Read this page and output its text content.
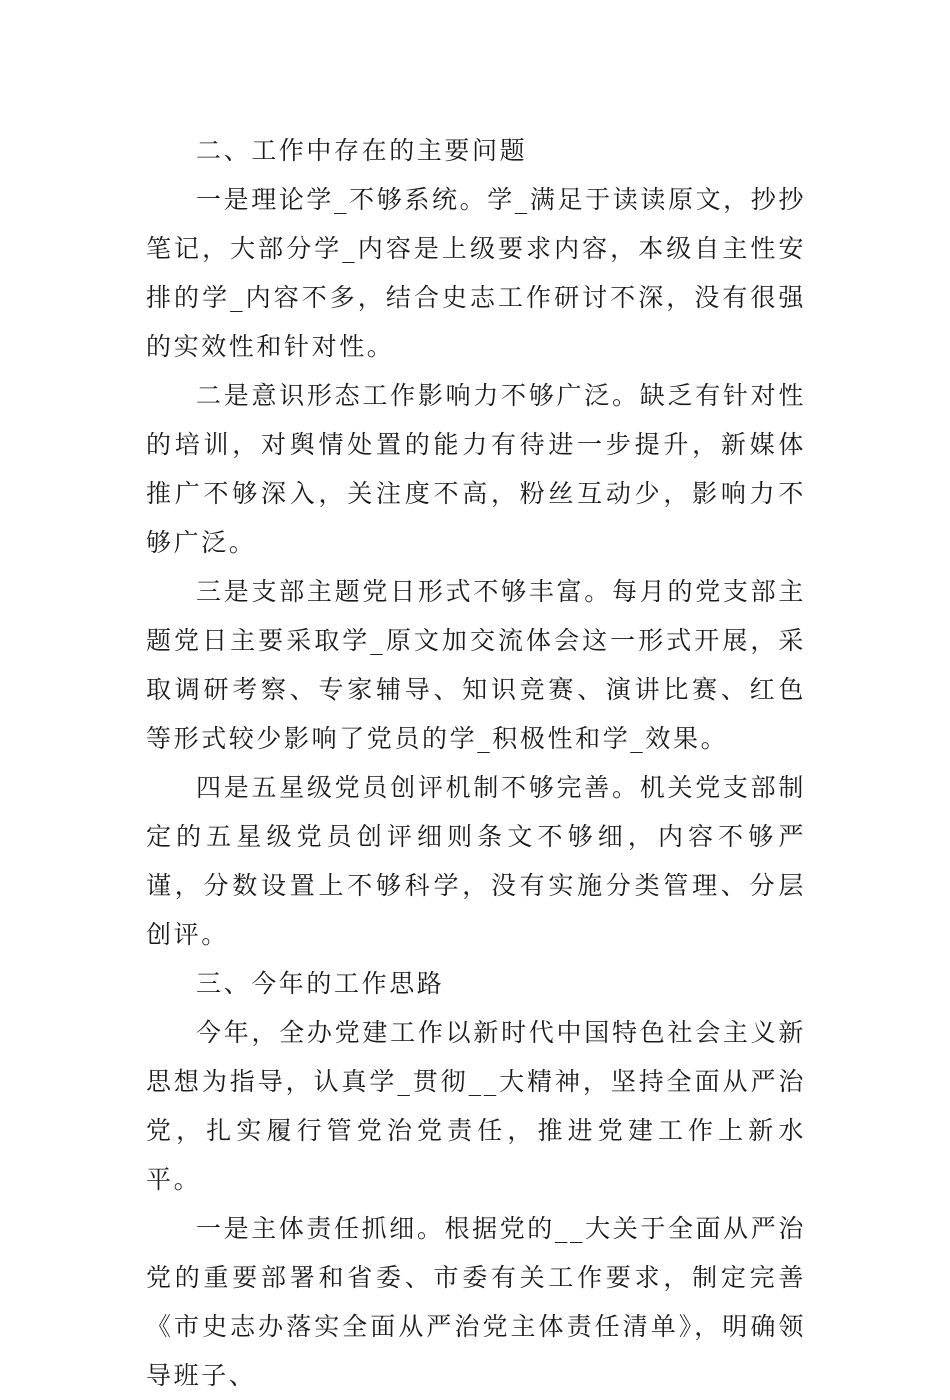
二、工作中存在的主要问题

一是理论学_不够系统。学_满足于读读原文，抄抄笔记，大部分学_内容是上级要求内容，本级自主性安排的学_内容不多，结合史志工作研讨不深，没有很强的实效性和针对性。

二是意识形态工作影响力不够广泛。缺乏有针对性的培训，对舆情处置的能力有待进一步提升，新媒体推广不够深入，关注度不高，粉丝互动少，影响力不够广泛。

三是支部主题党日形式不够丰富。每月的党支部主题党日主要采取学_原文加交流体会这一形式开展，采取调研考察、专家辅导、知识竞赛、演讲比赛、红色等形式较少影响了党员的学_积极性和学_效果。

四是五星级党员创评机制不够完善。机关党支部制定的五星级党员创评细则条文不够细，内容不够严谨，分数设置上不够科学，没有实施分类管理、分层创评。

三、今年的工作思路

今年，全办党建工作以新时代中国特色社会主义新思想为指导，认真学_贯彻__大精神，坚持全面从严治党，扎实履行管党治党责任，推进党建工作上新水平。

一是主体责任抓细。根据党的__大关于全面从严治党的重要部署和省委、市委有关工作要求，制定完善《市史志办落实全面从严治党主体责任清单》，明确领导班子、
